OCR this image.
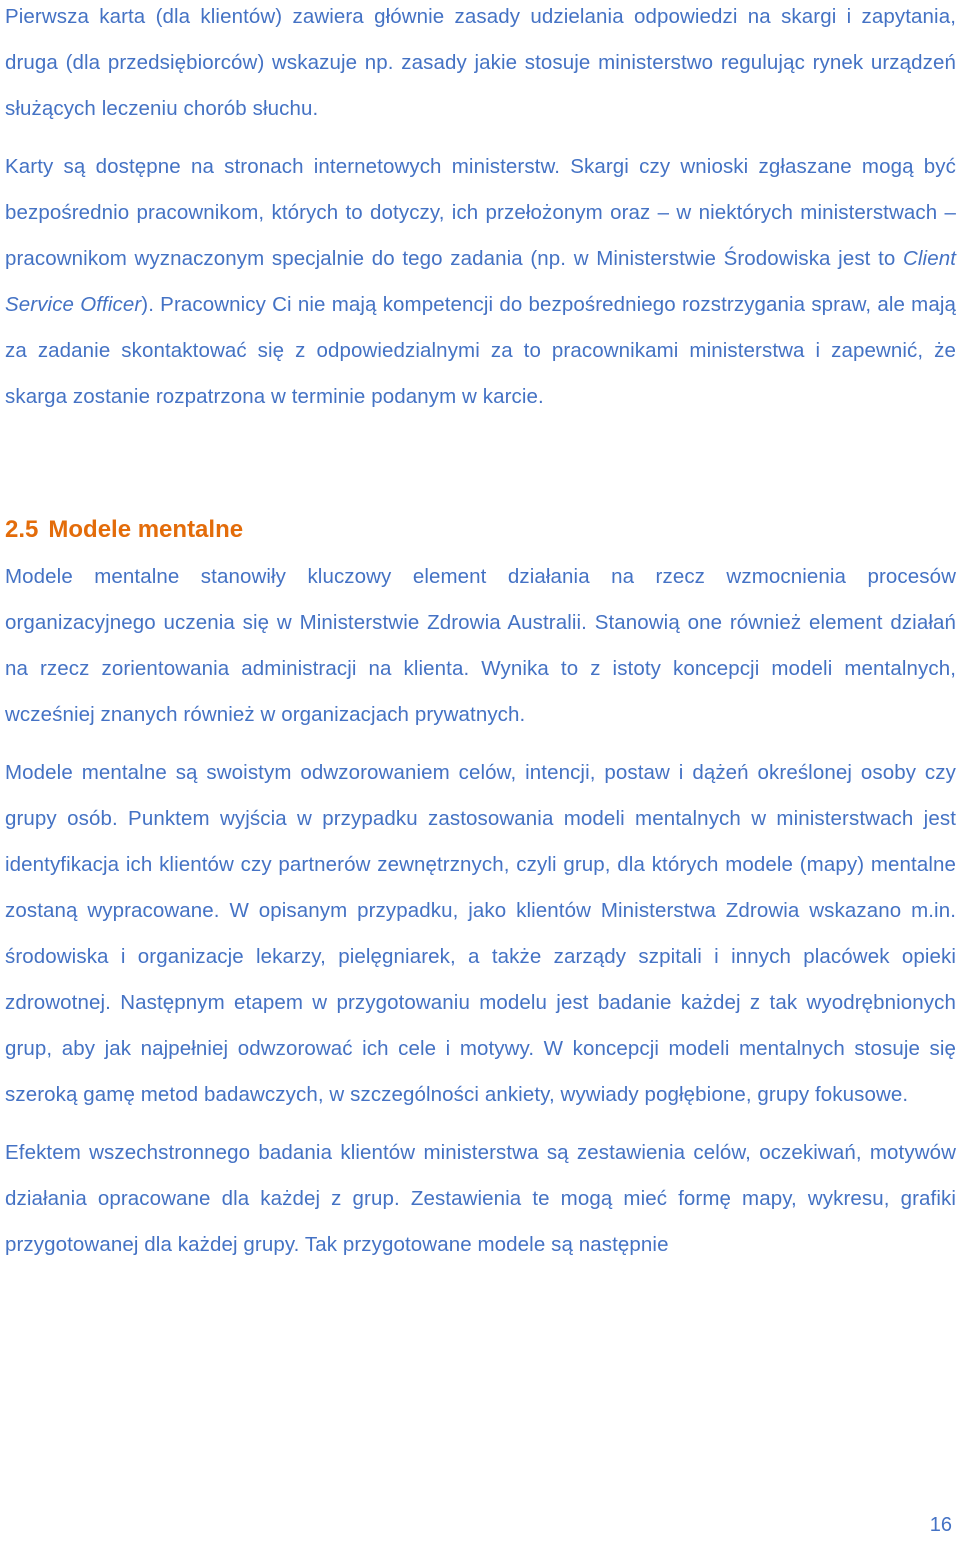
Pierwsza karta (dla klientów) zawiera głównie zasady udzielania odpowiedzi na skargi i zapytania, druga (dla przedsiębiorców) wskazuje np. zasady jakie stosuje ministerstwo regulując rynek urządzeń służących leczeniu chorób słuchu.

Karty są dostępne na stronach internetowych ministerstw. Skargi czy wnioski zgłaszane mogą być bezpośrednio pracownikom, których to dotyczy, ich przełożonym oraz – w niektórych ministerstwach – pracownikom wyznaczonym specjalnie do tego zadania (np. w Ministerstwie Środowiska jest to Client Service Officer). Pracownicy Ci nie mają kompetencji do bezpośredniego rozstrzygania spraw, ale mają za zadanie skontaktować się z odpowiedzialnymi za to pracownikami ministerstwa i zapewnić, że skarga zostanie rozpatrzona w terminie podanym w karcie.

2.5 Modele mentalne

Modele mentalne stanowiły kluczowy element działania na rzecz wzmocnienia procesów organizacyjnego uczenia się w Ministerstwie Zdrowia Australii. Stanowią one również element działań na rzecz zorientowania administracji na klienta. Wynika to z istoty koncepcji modeli mentalnych, wcześniej znanych również w organizacjach prywatnych.

Modele mentalne są swoistym odwzorowaniem celów, intencji, postaw i dążeń określonej osoby czy grupy osób. Punktem wyjścia w przypadku zastosowania modeli mentalnych w ministerstwach jest identyfikacja ich klientów czy partnerów zewnętrznych, czyli grup, dla których modele (mapy) mentalne zostaną wypracowane. W opisanym przypadku, jako klientów Ministerstwa Zdrowia wskazano m.in. środowiska i organizacje lekarzy, pielęgniarek, a także zarządy szpitali i innych placówek opieki zdrowotnej. Następnym etapem w przygotowaniu modelu jest badanie każdej z tak wyodrębnionych grup, aby jak najpełniej odwzorować ich cele i motywy. W koncepcji modeli mentalnych stosuje się szeroką gamę metod badawczych, w szczególności ankiety, wywiady pogłębione, grupy fokusowe.

Efektem wszechstronnego badania klientów ministerstwa są zestawienia celów, oczekiwań, motywów działania opracowane dla każdej z grup. Zestawienia te mogą mieć formę mapy, wykresu, grafiki przygotowanej dla każdej grupy. Tak przygotowane modele są następnie

16
